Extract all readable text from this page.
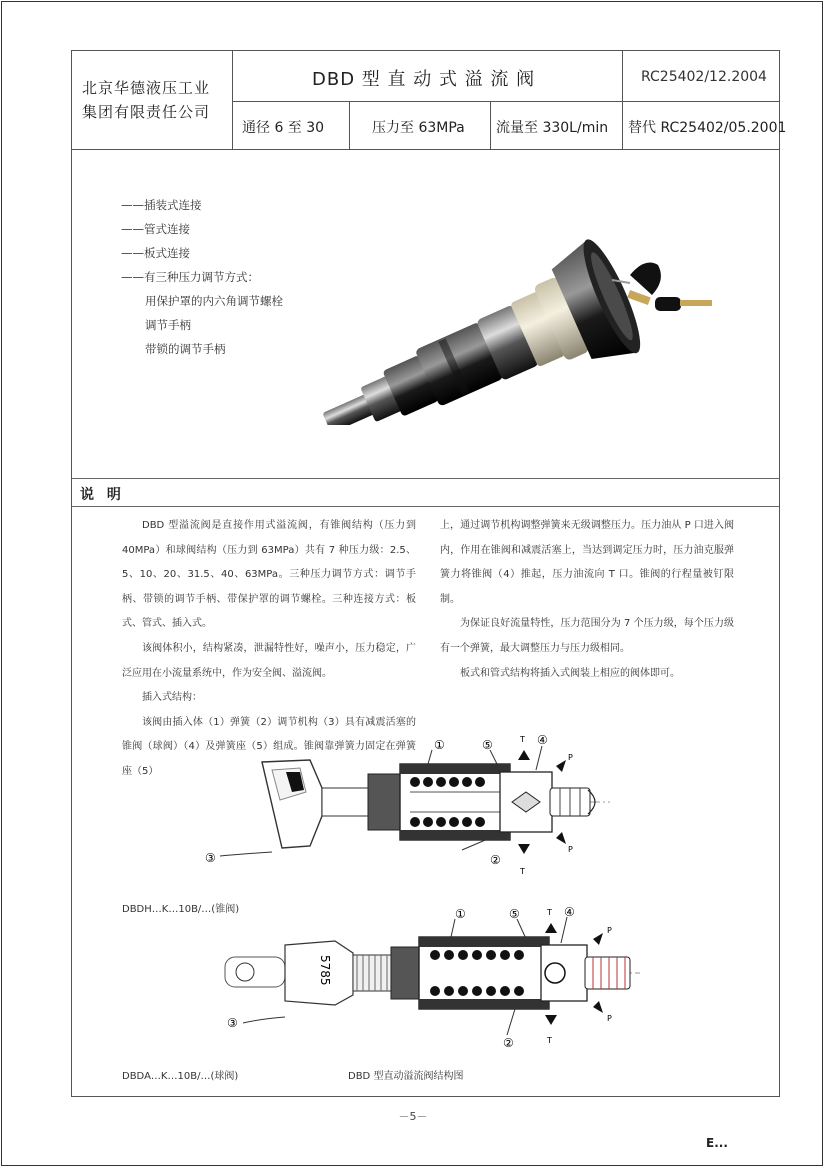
北京华德液压工业
集团有限责任公司
DBD 型 直 动 式 溢 流 阀	RC25402/12.2004
通径 6 至 30	压力至 63MPa 流量至 330L/min 替代 RC25402/05.2001
——插装式连接
——管式连接
——板式连接
——有三种压力调节方式：
用保护罩的内六角调节螺栓
调节手柄
带锁的调节手柄
说 明

DBD 型溢流阀是直接作用式溢流阀，有锥阀结构（压力到 40MPa）和球阀结构（压力到 63MPa）共有 7 种压力级：2.5、5、10、20、31.5、40、63MPa。三种压力调节方式：调节手柄、带锁的调节手柄、带保护罩的调节螺栓。三种连接方式：板式、管式、插入式。

该阀体积小，结构紧凑，泄漏特性好，噪声小，压力稳定，广泛应用在小流量系统中，作为安全阀、溢流阀。

插入式结构：

该阀由插入体（1）弹簧（2）调节机构（3）具有减震活塞的锥阀（球阀）（4）及弹簧座（5）组成。锥阀靠弹簧力固定在弹簧座（5）

上，通过调节机构调整弹簧来无级调整压力。压力油从 P 口进入阀内，作用在锥阀和减震活塞上，当达到调定压力时，压力油克服弹簧力将锥阀（4）推起，压力油流向 T 口。锥阀的行程量被钉限制。

为保证良好流量特性，压力范围分为 7 个压力级，每个压力级有一个弹簧，最大调整压力与压力级相同。

板式和管式结构将插入式阀装上相应的阀体即可。

①	⑤	④
②
③
T
T
P
P
DBDH…K…10B/…(锥阀)
5785
①	⑤	④
②
③
T
T
P
P
DBDA…K…10B/…(球阀)	DBD 型直动溢流阀结构图
－5－
E...
